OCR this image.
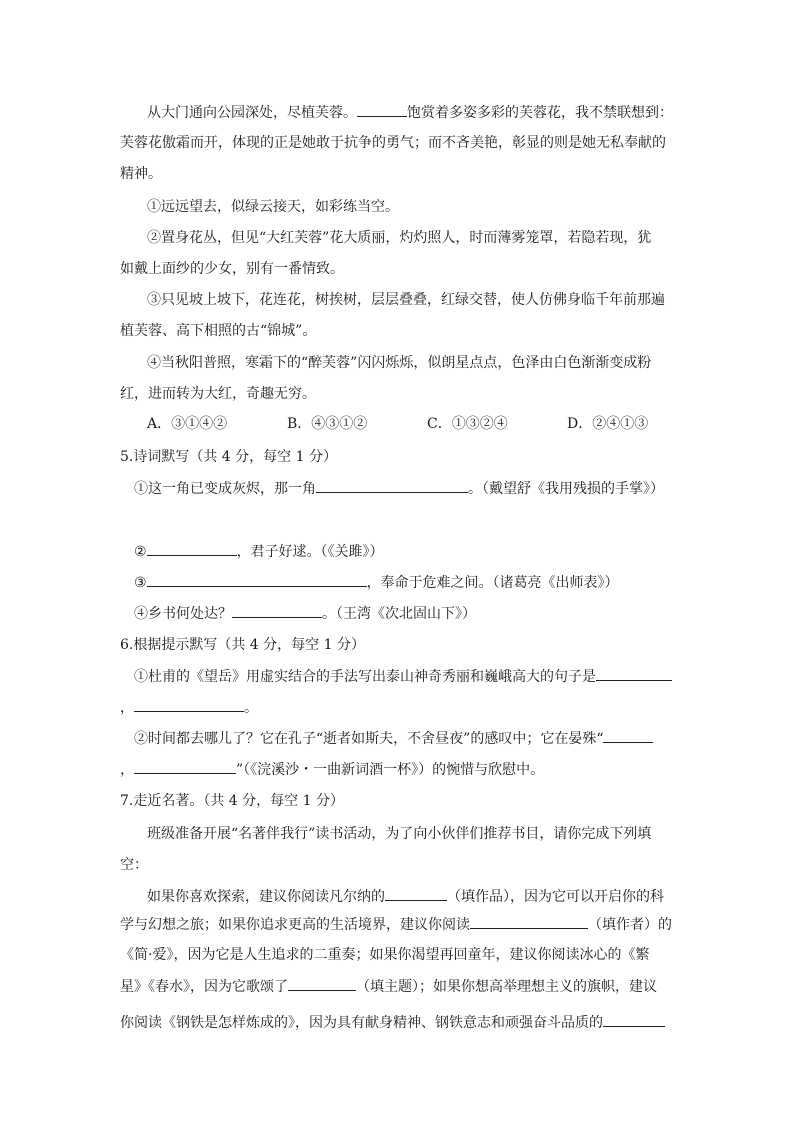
从大门通向公园深处，尽植芙蓉。	饱赏着多姿多彩的芙蓉花，我不禁联想到：
芙蓉花傲霜而开，体现的正是她敢于抗争的勇气；而不吝美艳，彰显的则是她无私奉献的
精神。
①远远望去，似绿云接天，如彩练当空。
②置身花丛，但见“大红芙蓉”花大质丽，灼灼照人，时而薄雾笼罩，若隐若现，犹
如戴上面纱的少女，别有一番情致。
③只见坡上坡下，花连花，树挨树，层层叠叠，红绿交替，使人仿佛身临千年前那遍
植芙蓉、高下相照的古“锦城”。
④当秋阳普照，寒霜下的“醉芙蓉”闪闪烁烁，似朗星点点，色泽由白色渐渐变成粉
红，进而转为大红，奇趣无穷。
A．③①④②	B．④③①②	C．①③②④	D．②④①③
5.诗词默写（共 4 分，每空 1 分）
①这一角已变成灰烬，那一角	。（戴望舒《我用残损的手掌》）
②	，君子好逑。（《关雎》）
③	，奉命于危难之间。（诸葛亮《出师表》）
④乡书何处达？	。（王湾《次北固山下》）
6.根据提示默写（共 4 分，每空 1 分）
①杜甫的《望岳》用虚实结合的手法写出泰山神奇秀丽和巍峨高大的句子是
，	。
②时间都去哪儿了？它在孔子“逝者如斯夫，不舍昼夜”的感叹中；它在晏殊“
，	”（《浣溪沙・一曲新词酒一杯》）的惋惜与欣慰中。
7.走近名著。（共 4 分，每空 1 分）
班级准备开展“名著伴我行”读书活动，为了向小伙伴们推荐书目，请你完成下列填
空：
如果你喜欢探索，建议你阅读凡尔纳的	（填作品），因为它可以开启你的科
学与幻想之旅；如果你追求更高的生活境界，建议你阅读	（填作者）的
《简·爱》，因为它是人生追求的二重奏；如果你渴望再回童年，建议你阅读冰心的《繁
星》《春水》，因为它歌颂了	（填主题）；如果你想高举理想主义的旗帜，建议
你阅读《钢铁是怎样炼成的》，因为具有献身精神、钢铁意志和顽强奋斗品质的
